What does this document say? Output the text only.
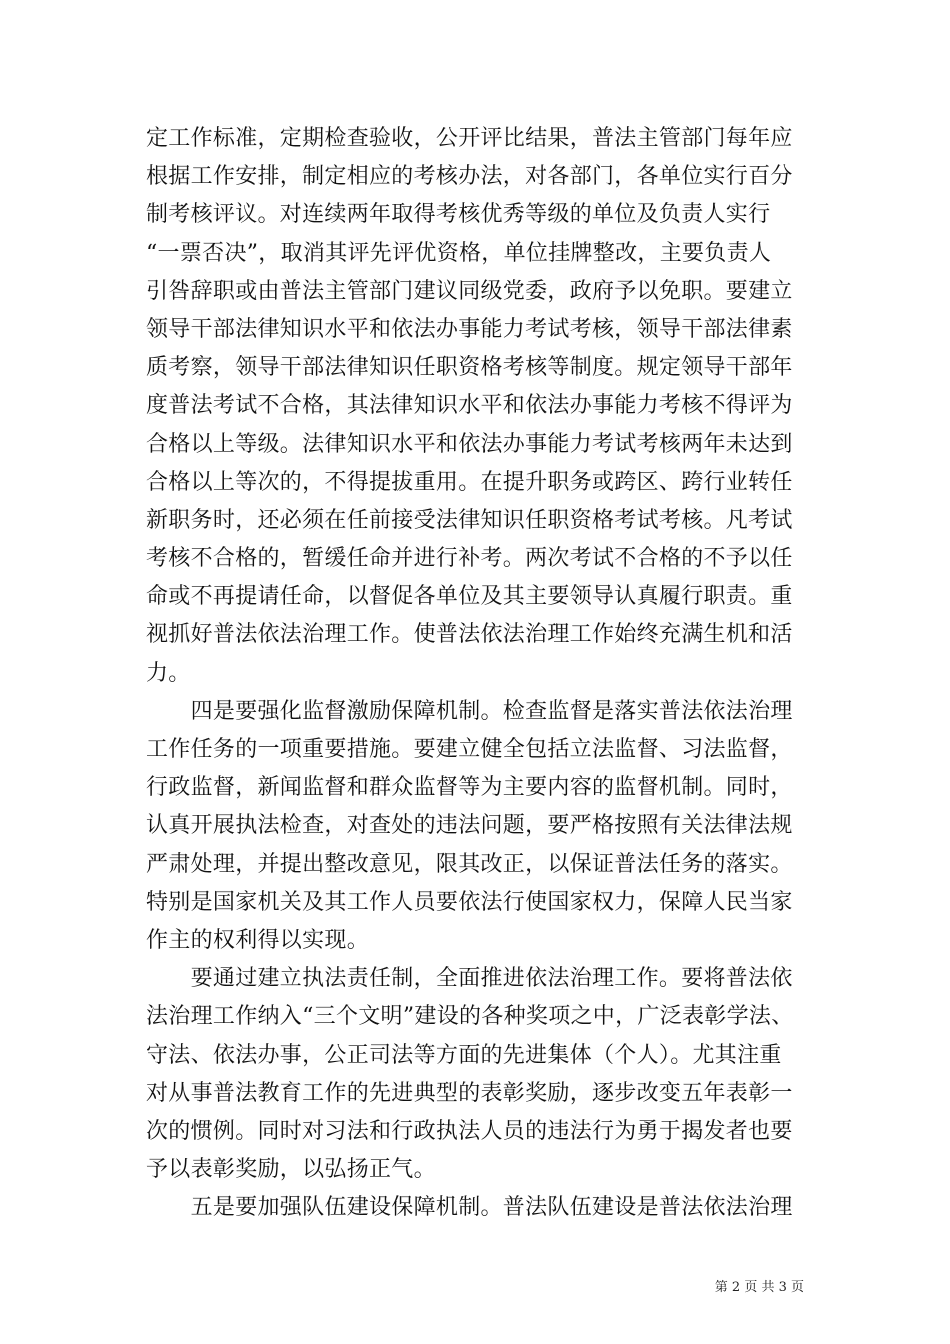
定工作标准，定期检查验收，公开评比结果，普法主管部门每年应
根据工作安排，制定相应的考核办法，对各部门，各单位实行百分
制考核评议。对连续两年取得考核优秀等级的单位及负责人实行
“一票否决”，取消其评先评优资格，单位挂牌整改，主要负责人
引咎辞职或由普法主管部门建议同级党委，政府予以免职。要建立
领导干部法律知识水平和依法办事能力考试考核，领导干部法律素
质考察，领导干部法律知识任职资格考核等制度。规定领导干部年
度普法考试不合格，其法律知识水平和依法办事能力考核不得评为
合格以上等级。法律知识水平和依法办事能力考试考核两年未达到
合格以上等次的，不得提拔重用。在提升职务或跨区、跨行业转任
新职务时，还必须在任前接受法律知识任职资格考试考核。凡考试
考核不合格的，暂缓任命并进行补考。两次考试不合格的不予以任
命或不再提请任命，以督促各单位及其主要领导认真履行职责。重
视抓好普法依法治理工作。使普法依法治理工作始终充满生机和活
力。
　　四是要强化监督激励保障机制。检查监督是落实普法依法治理
工作任务的一项重要措施。要建立健全包括立法监督、习法监督，
行政监督，新闻监督和群众监督等为主要内容的监督机制。同时，
认真开展执法检查，对查处的违法问题，要严格按照有关法律法规
严肃处理，并提出整改意见，限其改正，以保证普法任务的落实。
特别是国家机关及其工作人员要依法行使国家权力，保障人民当家
作主的权利得以实现。
　　要通过建立执法责任制，全面推进依法治理工作。要将普法依
法治理工作纳入“三个文明”建设的各种奖项之中，广泛表彰学法、
守法、依法办事，公正司法等方面的先进集体（个人）。尤其注重
对从事普法教育工作的先进典型的表彰奖励，逐步改变五年表彰一
次的惯例。同时对习法和行政执法人员的违法行为勇于揭发者也要
予以表彰奖励，以弘扬正气。
　　五是要加强队伍建设保障机制。普法队伍建设是普法依法治理
第 2 页 共 3 页
